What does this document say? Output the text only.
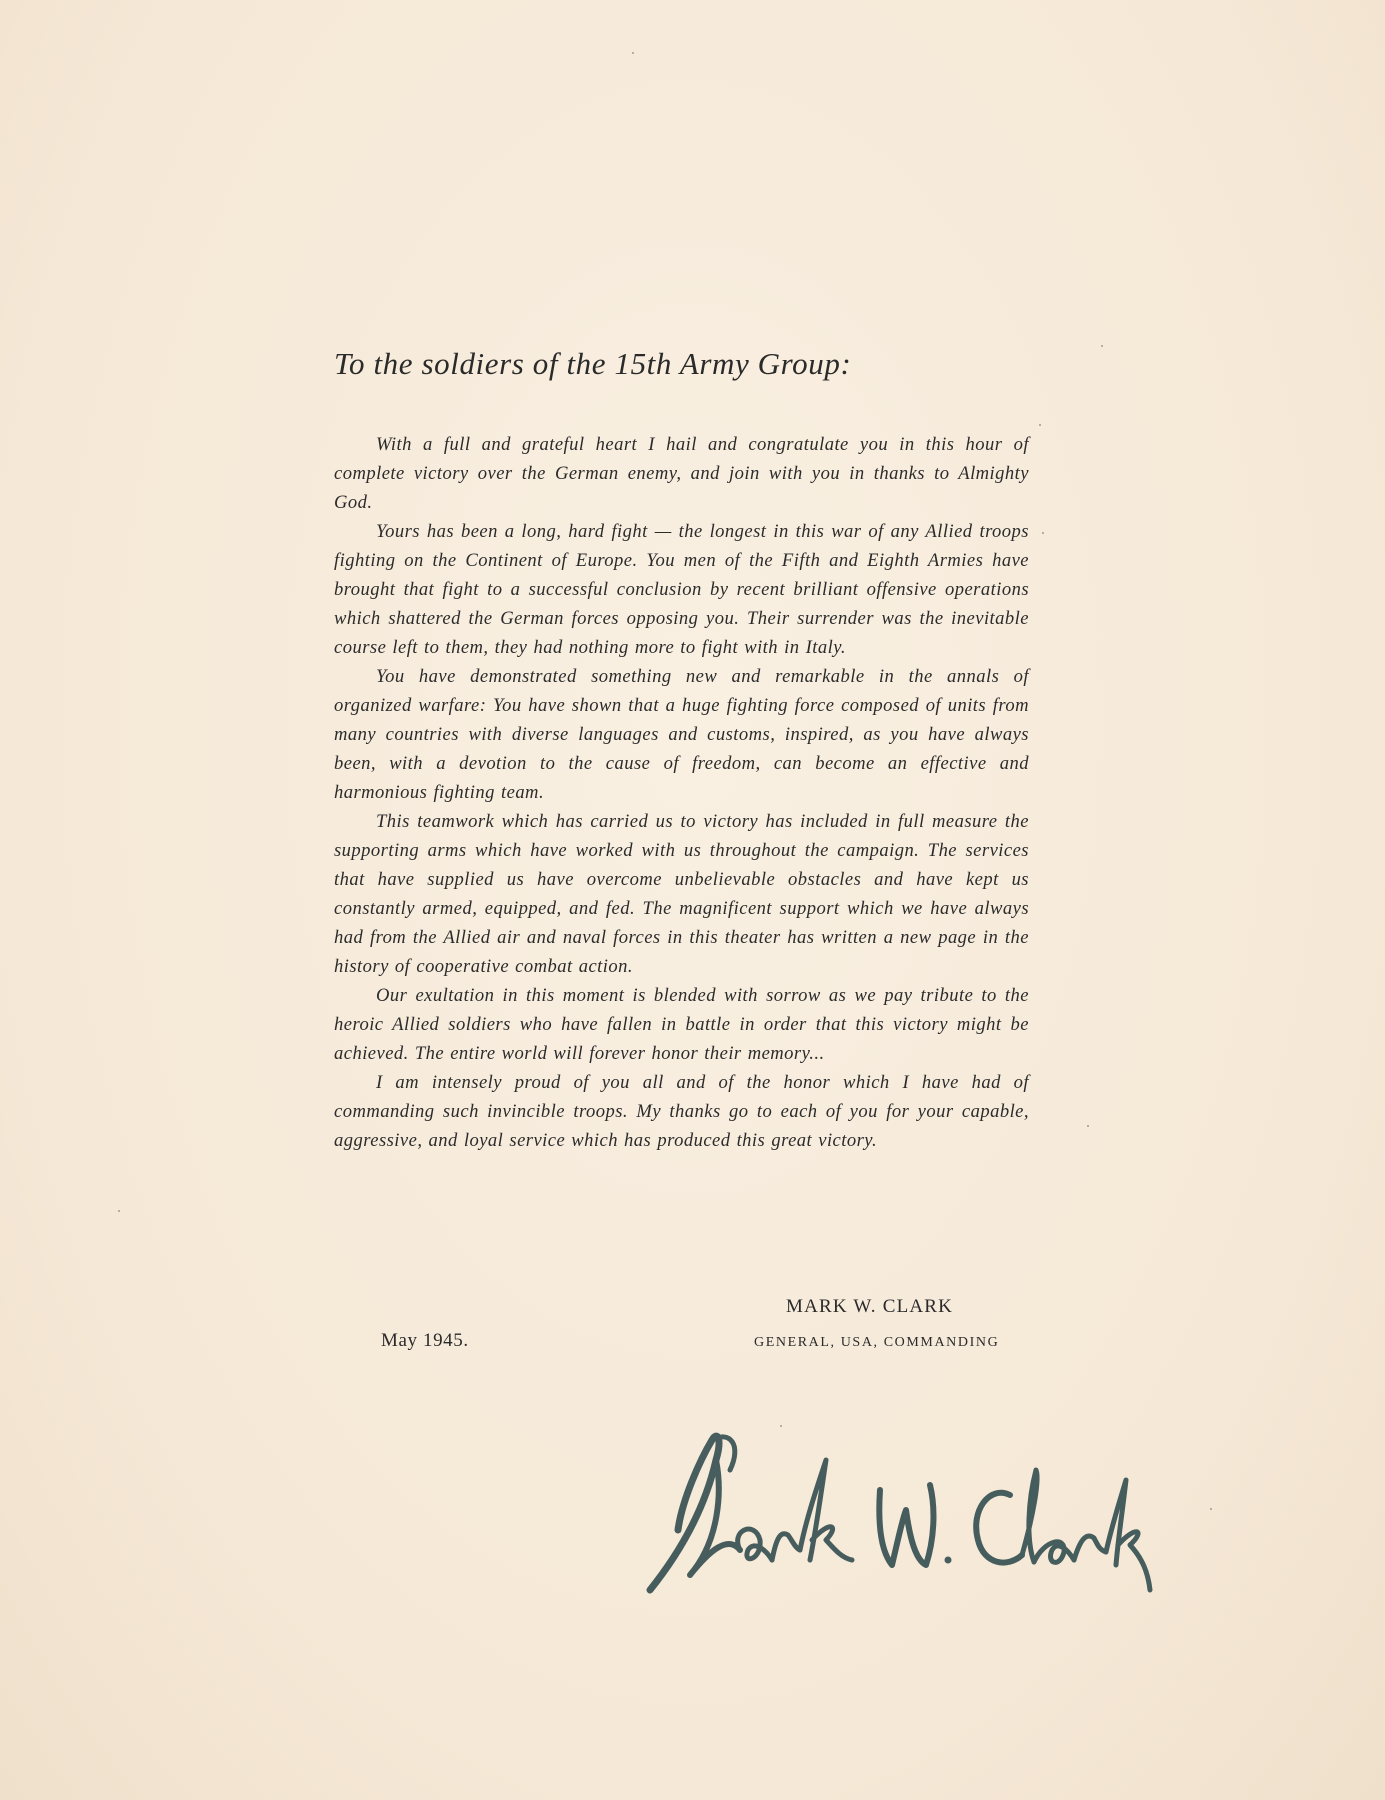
To the soldiers of the 15th Army Group:

With a full and grateful heart I hail and congratulate you in this hour of complete victory over the German enemy, and join with you in thanks to Almighty God.

Yours has been a long, hard fight — the longest in this war of any Allied troops fighting on the Continent of Europe. You men of the Fifth and Eighth Armies have brought that fight to a successful conclusion by recent brilliant offensive operations which shattered the German forces opposing you. Their surrender was the inevitable course left to them, they had nothing more to fight with in Italy.

You have demonstrated something new and remarkable in the annals of organized warfare: You have shown that a huge fighting force composed of units from many countries with diverse languages and customs, inspired, as you have always been, with a devotion to the cause of freedom, can become an effective and harmonious fighting team.

This teamwork which has carried us to victory has included in full measure the supporting arms which have worked with us throughout the campaign. The services that have supplied us have overcome unbelievable obstacles and have kept us constantly armed, equipped, and fed. The magnificent support which we have always had from the Allied air and naval forces in this theater has written a new page in the history of cooperative combat action.

Our exultation in this moment is blended with sorrow as we pay tribute to the heroic Allied soldiers who have fallen in battle in order that this victory might be achieved. The entire world will forever honor their memory...

I am intensely proud of you all and of the honor which I have had of commanding such invincible troops. My thanks go to each of you for your capable, aggressive, and loyal service which has produced this great victory.

MARK W. CLARK
May 1945.	GENERAL, USA, COMMANDING
